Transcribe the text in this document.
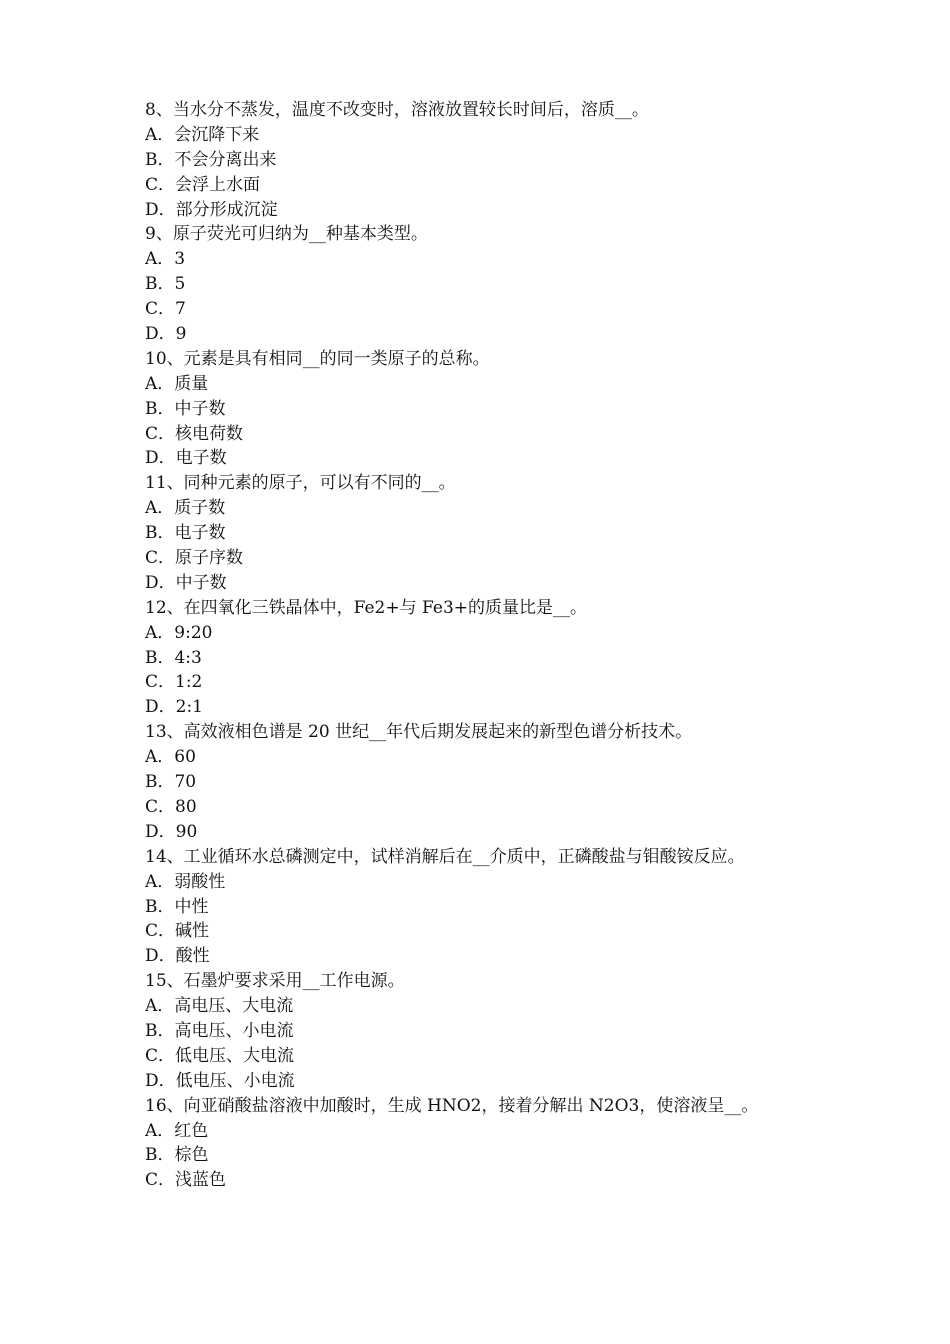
8、当水分不蒸发，温度不改变时，溶液放置较长时间后，溶质__。
A．会沉降下来
B．不会分离出来
C．会浮上水面
D．部分形成沉淀
9、原子荧光可归纳为__种基本类型。
A．3
B．5
C．7
D．9
10、元素是具有相同__的同一类原子的总称。
A．质量
B．中子数
C．核电荷数
D．电子数
11、同种元素的原子，可以有不同的__。
A．质子数
B．电子数
C．原子序数
D．中子数
12、在四氧化三铁晶体中，Fe2+与 Fe3+的质量比是__。
A．9:20
B．4:3
C．1:2
D．2:1
13、高效液相色谱是 20 世纪__年代后期发展起来的新型色谱分析技术。
A．60
B．70
C．80
D．90
14、工业循环水总磷测定中，试样消解后在__介质中，正磷酸盐与钼酸铵反应。
A．弱酸性
B．中性
C．碱性
D．酸性
15、石墨炉要求采用__工作电源。
A．高电压、大电流
B．高电压、小电流
C．低电压、大电流
D．低电压、小电流
16、向亚硝酸盐溶液中加酸时，生成 HNO2，接着分解出 N2O3，使溶液呈__。
A．红色
B．棕色
C．浅蓝色
